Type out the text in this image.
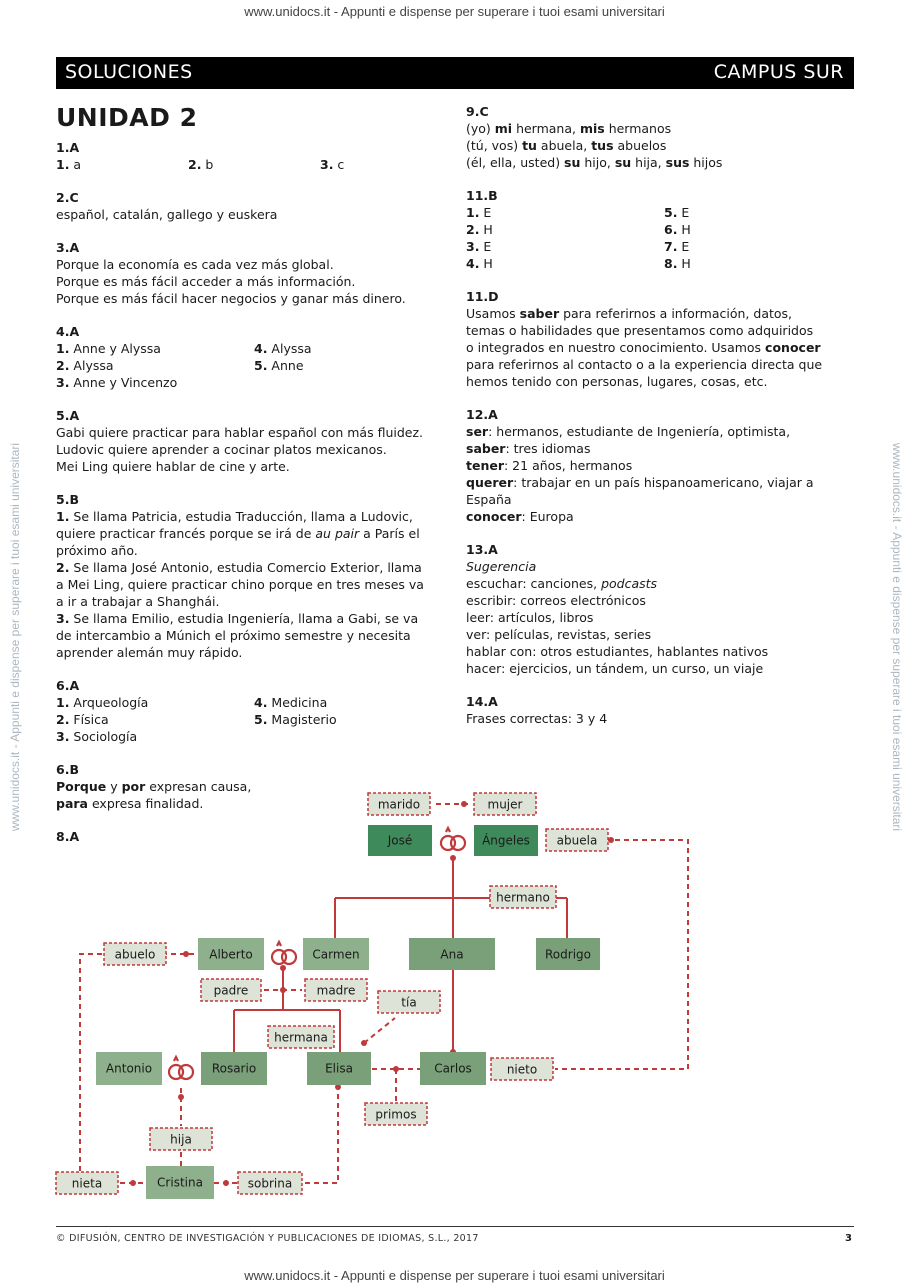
www.unidocs.it - Appunti e dispense per superare i tuoi esami universitari
www.unidocs.it - Appunti e dispense per superare i tuoi esami universitari
www.unidocs.it - Appunti e dispense per superare i tuoi esami universitari	www.unidocs.it - Appunti e dispense per superare i tuoi esami universitari
SOLUCIONES	CAMPUS SUR
UNIDAD 2
1.A
1. a	2. b	3. c
2.C
español, catalán, gallego y euskera
3.A
Porque la economía es cada vez más global.
Porque es más fácil acceder a más información.
Porque es más fácil hacer negocios y ganar más dinero.
4.A
1. Anne y Alyssa	4. Alyssa
2. Alyssa	5. Anne
3. Anne y Vincenzo
5.A
Gabi quiere practicar para hablar español con más fluidez.
Ludovic quiere aprender a cocinar platos mexicanos.
Mei Ling quiere hablar de cine y arte.
5.B
1. Se llama Patricia, estudia Traducción, llama a Ludovic,
quiere practicar francés porque se irá de au pair a París el
próximo año.
2. Se llama José Antonio, estudia Comercio Exterior, llama
a Mei Ling, quiere practicar chino porque en tres meses va
a ir a trabajar a Shanghái.
3. Se llama Emilio, estudia Ingeniería, llama a Gabi, se va
de intercambio a Múnich el próximo semestre y necesita
aprender alemán muy rápido.
6.A
1. Arqueología	4. Medicina
2. Física	5. Magisterio
3. Sociología
6.B
Porque y por expresan causa,
para expresa finalidad.
8.A
9.C
(yo) mi hermana, mis hermanos
(tú, vos) tu abuela, tus abuelos
(él, ella, usted) su hijo, su hija, sus hijos
11.B
1. E	5. E
2. H	6. H
3. E	7. E
4. H	8. H
11.D
Usamos saber para referirnos a información, datos,
temas o habilidades que presentamos como adquiridos
o integrados en nuestro conocimiento. Usamos conocer
para referirnos al contacto o a la experiencia directa que
hemos tenido con personas, lugares, cosas, etc.
12.A
ser: hermanos, estudiante de Ingeniería, optimista,
saber: tres idiomas
tener: 21 años, hermanos
querer: trabajar en un país hispanoamericano, viajar a
España
conocer: Europa
13.A
Sugerencia
escuchar: canciones, podcasts
escribir: correos electrónicos
leer: artículos, libros
ver: películas, revistas, series
hablar con: otros estudiantes, hablantes nativos
hacer: ejercicios, un tándem, un curso, un viaje
14.A
Frases correctas: 3 y 4
José	Ángeles
Alberto	Carmen	Ana	Rodrigo
Antonio	Rosario	Elisa	Carlos
Cristina
marido	mujer
abuela
hermano
abuelo
padre	madre
tía
hermana
nieto
primos
hija
nieta	sobrina
© DIFUSIÓN, CENTRO DE INVESTIGACIÓN Y PUBLICACIONES DE IDIOMAS, S.L., 2017	3
